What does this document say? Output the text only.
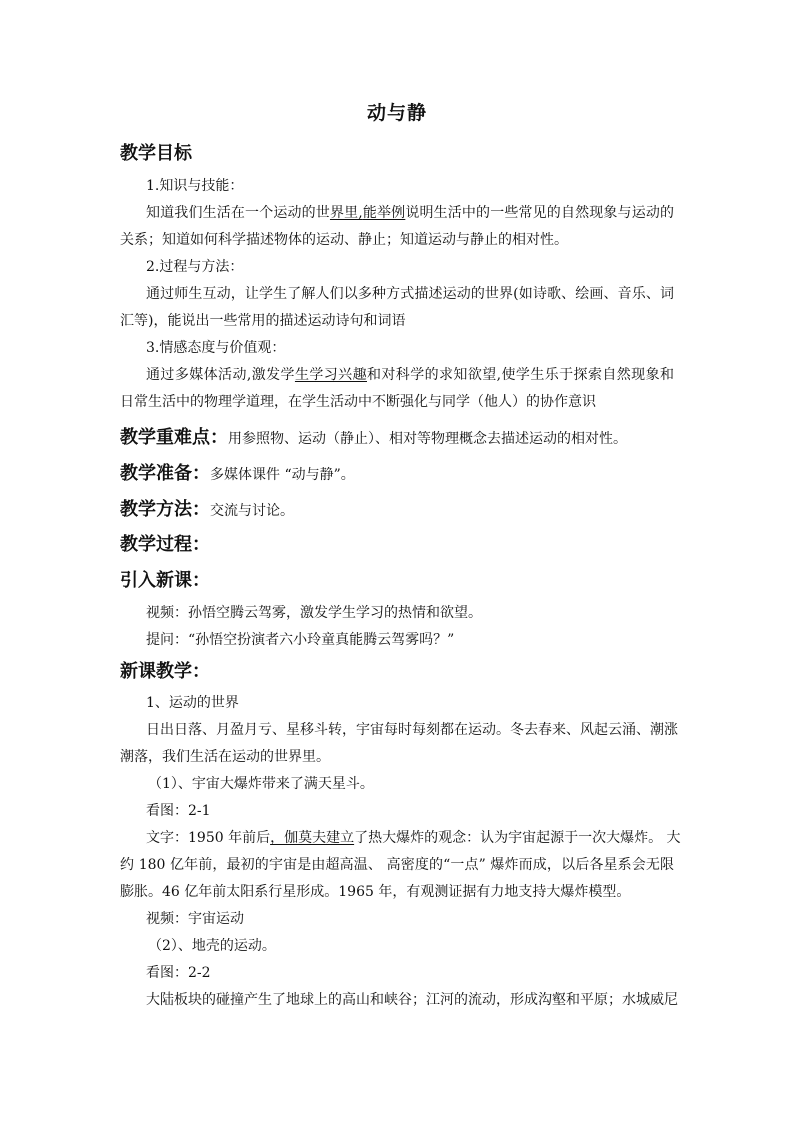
动与静
教学目标
1.知识与技能：
知道我们生活在一个运动的世界里,能举例说明生活中的一些常见的自然现象与运动的
关系；知道如何科学描述物体的运动、静止；知道运动与静止的相对性。
2.过程与方法：
通过师生互动，让学生了解人们以多种方式描述运动的世界(如诗歌、绘画、音乐、词
汇等)，能说出一些常用的描述运动诗句和词语
3.情感态度与价值观：
通过多媒体活动,激发学生学习兴趣和对科学的求知欲望,使学生乐于探索自然现象和
日常生活中的物理学道理，在学生活动中不断强化与同学（他人）的协作意识
教学重难点：用参照物、运动（静止）、相对等物理概念去描述运动的相对性。
教学准备：多媒体课件 “动与静”。
教学方法：交流与讨论。
教学过程：
引入新课：
视频：孙悟空腾云驾雾，激发学生学习的热情和欲望。
提问：“孙悟空扮演者六小玲童真能腾云驾雾吗？”
新课教学：
1、运动的世界
日出日落、月盈月亏、星移斗转，宇宙每时每刻都在运动。冬去春来、风起云涌、潮涨
潮落，我们生活在运动的世界里。
（1）、宇宙大爆炸带来了满天星斗。
看图：2-1
文字：1950 年前后，伽莫夫建立了热大爆炸的观念：认为宇宙起源于一次大爆炸。 大
约 180 亿年前，最初的宇宙是由超高温、 高密度的“一点” 爆炸而成，以后各星系会无限
膨胀。46 亿年前太阳系行星形成。1965 年，有观测证据有力地支持大爆炸模型。
视频：宇宙运动
（2）、地壳的运动。
看图：2-2
大陆板块的碰撞产生了地球上的高山和峡谷；江河的流动，形成沟壑和平原；水城威尼
